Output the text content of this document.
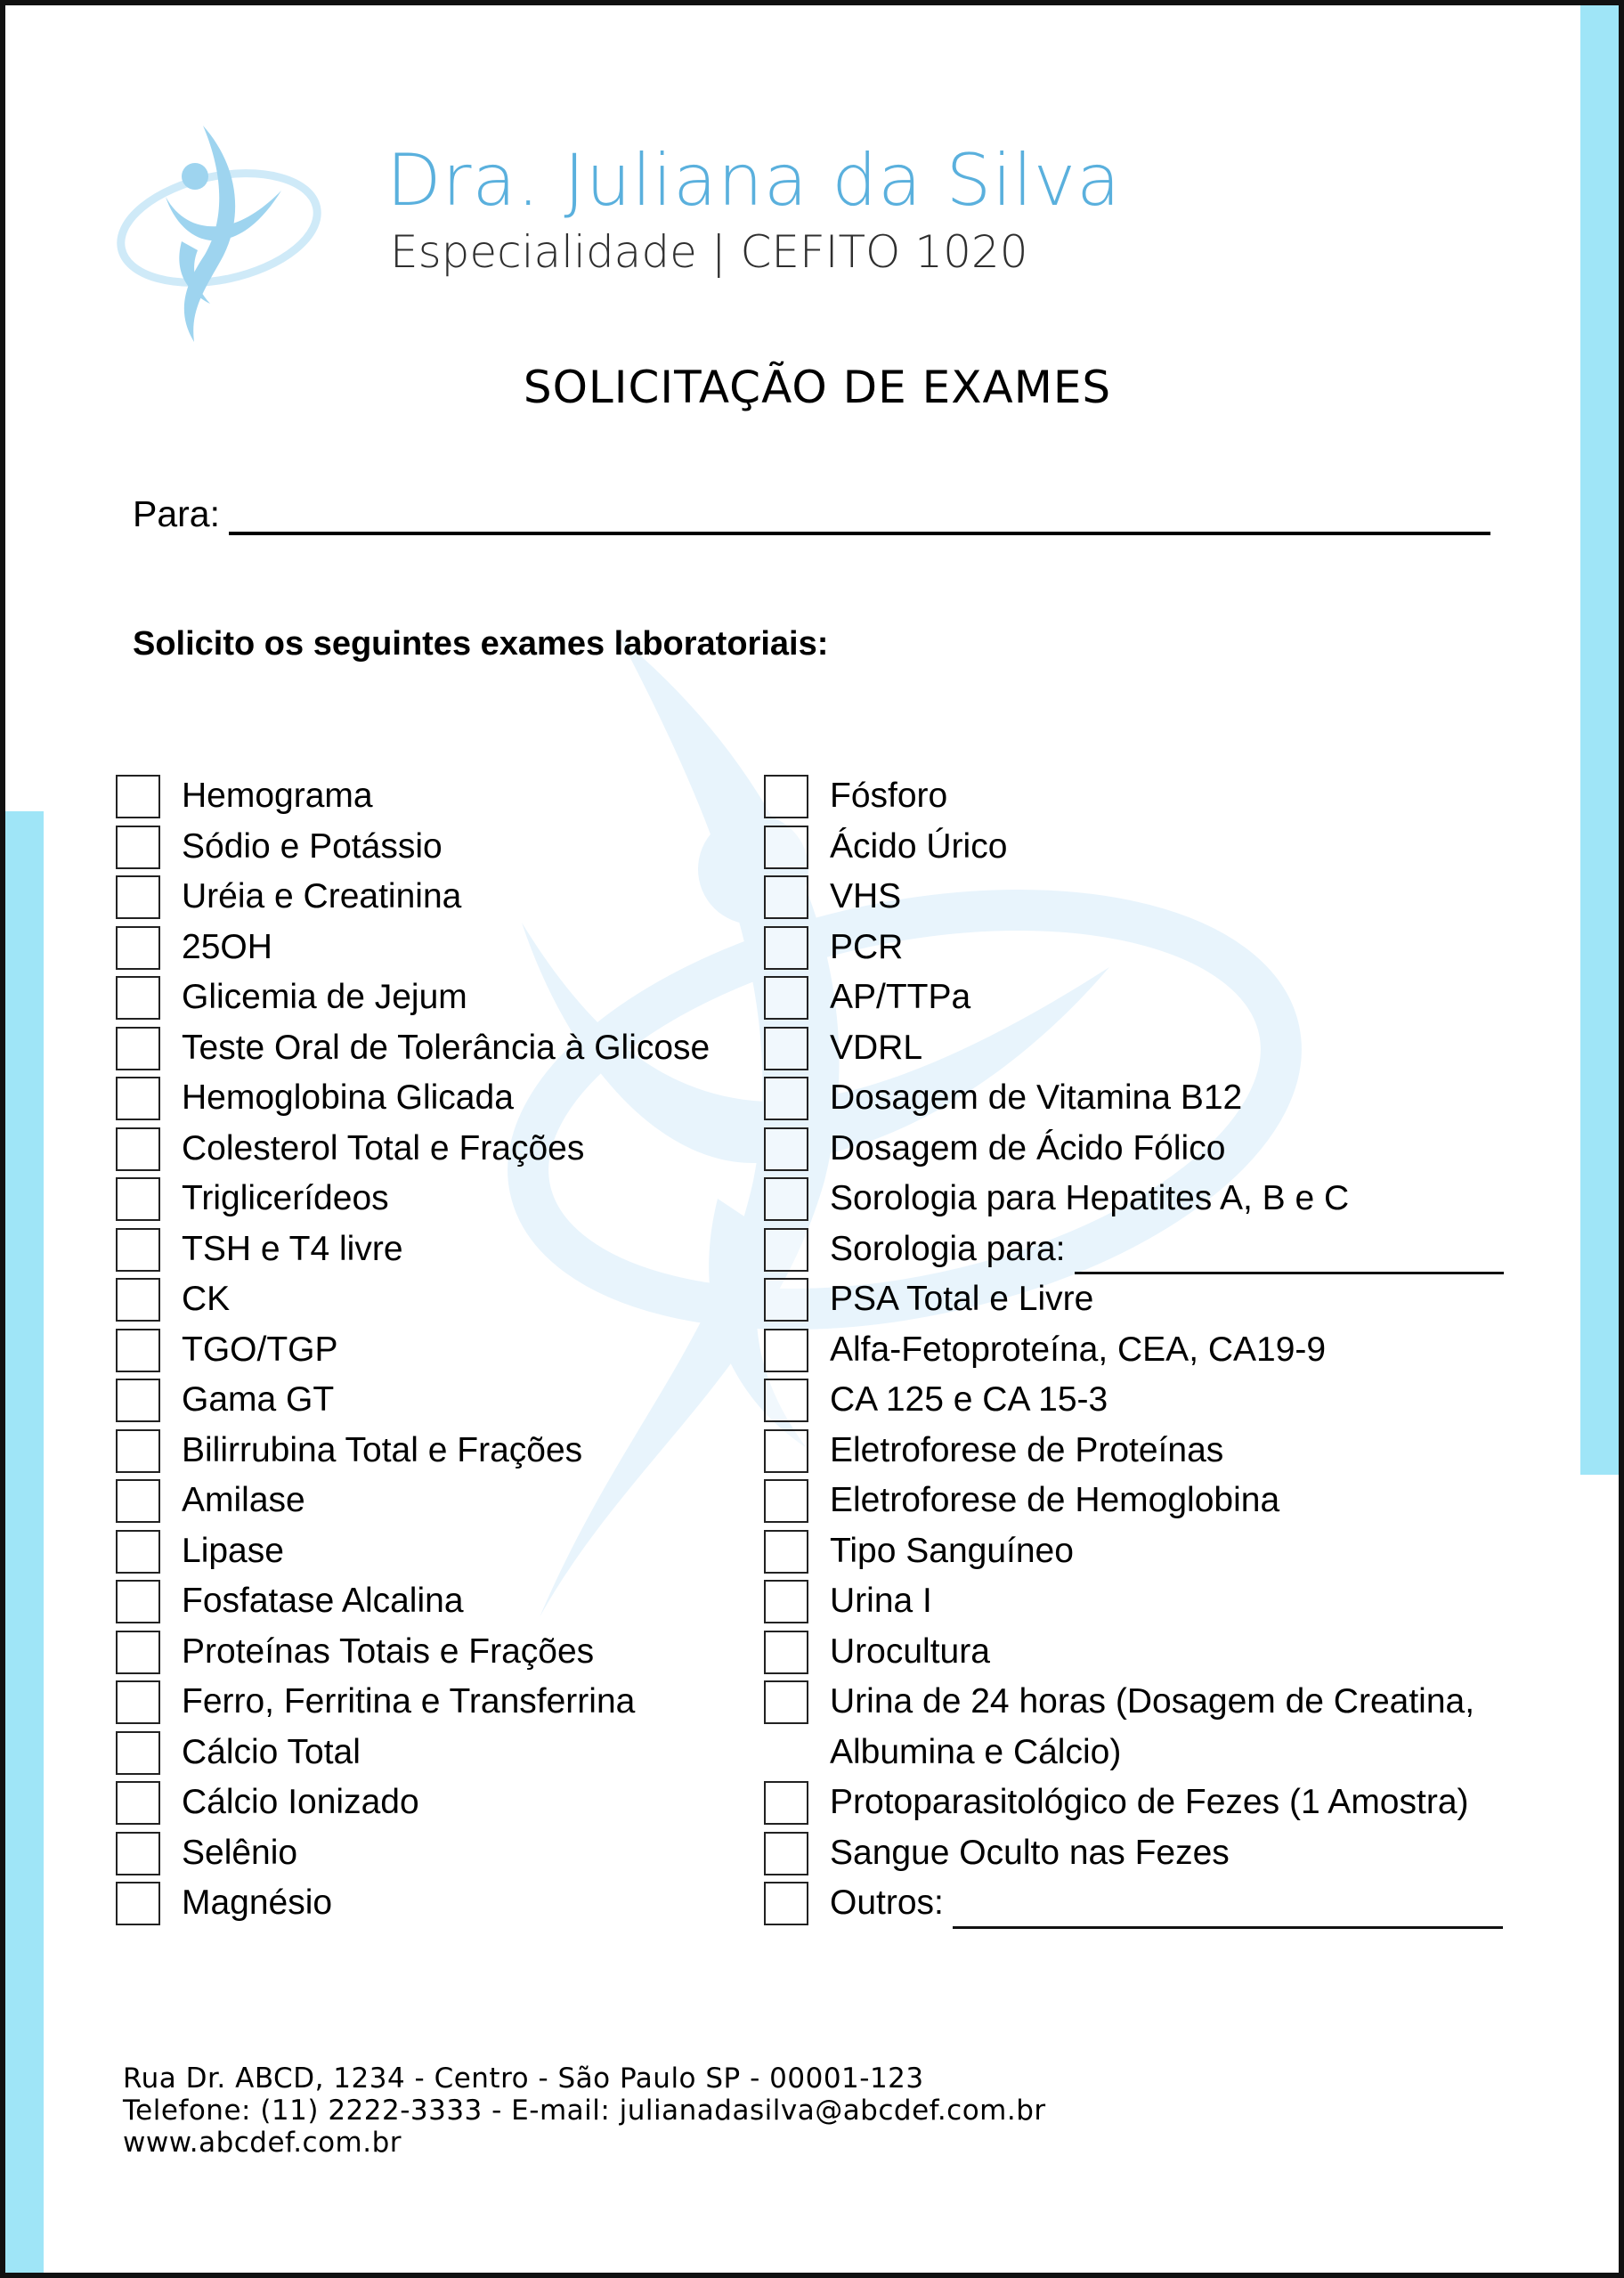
Dra. Juliana da Silva
Especialidade | CEFITO 1020
SOLICITAÇÃO DE EXAMES
Para:
Solicito os seguintes exames laboratoriais:
Hemograma
Sódio e Potássio
Uréia e Creatinina
25OH
Glicemia de Jejum
Teste Oral de Tolerância à Glicose
Hemoglobina Glicada
Colesterol Total e Frações
Triglicerídeos
TSH e T4 livre
CK
TGO/TGP
Gama GT
Bilirrubina Total e Frações
Amilase
Lipase
Fosfatase Alcalina
Proteínas Totais e Frações
Ferro, Ferritina e Transferrina
Cálcio Total
Cálcio Ionizado
Selênio
Magnésio
Fósforo
Ácido Úrico
VHS
PCR
AP/TTPa
VDRL
Dosagem de Vitamina B12
Dosagem de Ácido Fólico
Sorologia para Hepatites A, B e C
Sorologia para:
PSA Total e Livre
Alfa-Fetoproteína, CEA, CA19-9
CA 125 e CA 15-3
Eletroforese de Proteínas
Eletroforese de Hemoglobina
Tipo Sanguíneo
Urina I
Urocultura
Urina de 24 horas (Dosagem de Creatina,
Albumina e Cálcio)
Protoparasitológico de Fezes (1 Amostra)
Sangue Oculto nas Fezes
Outros:
Rua Dr. ABCD, 1234 - Centro - São Paulo SP - 00001-123
Telefone: (11) 2222-3333 - E-mail: julianadasilva@abcdef.com.br
www.abcdef.com.br
